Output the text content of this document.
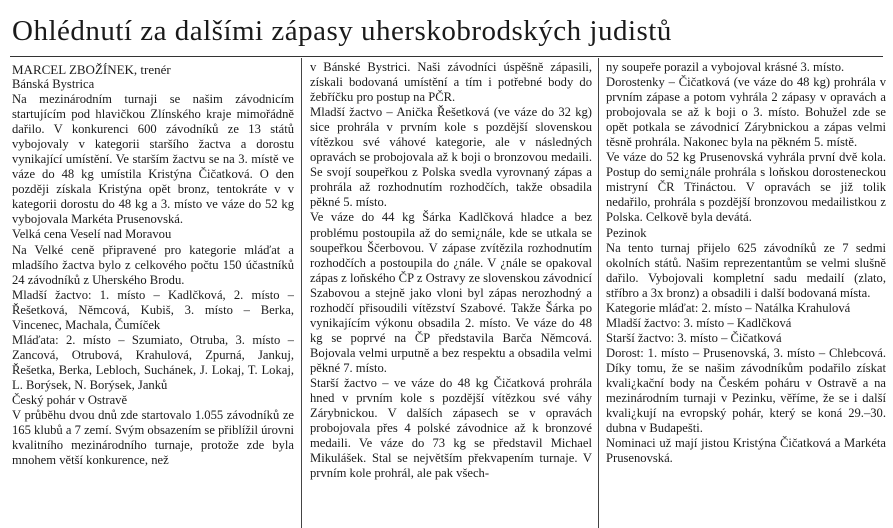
Ohlédnutí za dalšími zápasy uherskobrodských judistů
MARCEL ZBOŽÍNEK, trenér

Bánská Bystrica

Na mezinárodním turnaji se našim závodnicím startujícím pod hlavičkou Zlínského kraje mimořádně dařilo. V konkurenci 600 závodníků ze 13 států vybojovaly v kategorii staršího žactva a dorostu vynikající umístění. Ve starším žactvu se na 3. místě ve váze do 48 kg umístila Kristýna Čičatková. O den později získala Kristýna opět bronz, tentokráte v v kategorii dorostu do 48 kg a 3. místo ve váze do 52 kg vybojovala Markéta Prusenovská.

Velká cena Veselí nad Moravou

Na Velké ceně připravené pro kategorie mláďat a mladšího žactva bylo z celkového počtu 150 účastníků 24 závodníků z Uherského Brodu.

Mladší žactvo: 1. místo – Kadlčková, 2. místo – Řešetková, Němcová, Kubiš, 3. místo – Berka, Vincenec, Machala, Čumíček

Mláďata: 2. místo – Szumiato, Otruba, 3. místo – Zancová, Otrubová, Krahulová, Zpurná, Jankuj, Řešetka, Berka, Lebloch, Suchánek, J. Lokaj, T. Lokaj, L. Borýsek, N. Borýsek, Janků

Český pohár v Ostravě

V průběhu dvou dnů zde startovalo 1.055 závodníků ze 165 klubů a 7 zemí. Svým obsazením se přiblížil úrovni kvalitního mezinárodního turnaje, protože zde byla mnohem větší konkurence, než

v Bánské Bystrici. Naši závodníci úspěšně zápasili, získali bodovaná umístění a tím i potřebné body do žebříčku pro postup na PČR.

Mladší žactvo – Anička Řešetková (ve váze do 32 kg) sice prohrála v prvním kole s pozdější slovenskou vítězkou své váhové kategorie, ale v následných opravách se probojovala až k boji o bronzovou medaili. Se svojí soupeřkou z Polska svedla vyrovnaný zápas a prohrála až rozhodnutím rozhodčích, takže obsadila pěkné 5. místo.

Ve váze do 44 kg Šárka Kadlčková hladce a bez problému postoupila až do semi¿nále, kde se utkala se soupeřkou Ščerbovou. V zápase zvítězila rozhodnutím rozhodčích a postoupila do ¿nále. V ¿nále se opakoval zápas z loňského ČP z Ostravy ze slovenskou závodnicí Szabovou a stejně jako vloni byl zápas nerozhodný a rozhodčí přisoudili vítězství Szabové. Takže Šárka po vynikajícím výkonu obsadila 2. místo. Ve váze do 48 kg se poprvé na ČP představila Barča Němcová. Bojovala velmi urputně a bez respektu a obsadila velmi pěkné 7. místo.

Starší žactvo – ve váze do 48 kg Čičatková prohrála hned v prvním kole s pozdější vítězkou své váhy Zárybnickou. V dalších zápasech se v opravách probojovala přes 4 polské závodnice až k bronzové medaili. Ve váze do 73 kg se představil Michael Mikulášek. Stal se největším překvapením turnaje. V prvním kole prohrál, ale pak všech-

ny soupeře porazil a vybojoval krásné 3. místo.

Dorostenky – Čičatková (ve váze do 48 kg) prohrála v prvním zápase a potom vyhrála 2 zápasy v opravách a probojovala se až k boji o 3. místo. Bohužel zde se opět potkala se závodnicí Zárybnickou a zápas velmi těsně prohrála. Nakonec byla na pěkném 5. místě.

Ve váze do 52 kg Prusenovská vyhrála první dvě kola. Postup do semi¿nále prohrála s loňskou dorosteneckou mistryní ČR Třináctou. V opravách se již tolik nedařilo, prohrála s pozdější bronzovou medailistkou z Polska. Celkově byla devátá.

Pezinok

Na tento turnaj přijelo 625 závodníků ze 7 sedmi okolních států. Našim reprezentantům se velmi slušně dařilo. Vybojovali kompletní sadu medailí (zlato, stříbro a 3x bronz) a obsadili i další bodovaná místa.

Kategorie mláďat: 2. místo – Natálka Krahulová

Mladší žactvo: 3. místo – Kadlčková

Starší žactvo: 3. místo – Čičatková

Dorost: 1. místo – Prusenovská, 3. místo – Chlebcová. Díky tomu, že se našim závodníkům podařilo získat kvali¿kační body na Českém poháru v Ostravě a na mezinárodním turnaji v Pezinku, věříme, že se i další kvali¿kují na evropský pohár, který se koná 29.–30. dubna v Budapešti.

Nominaci už mají jistou Kristýna Čičatková a Markéta Prusenovská.
